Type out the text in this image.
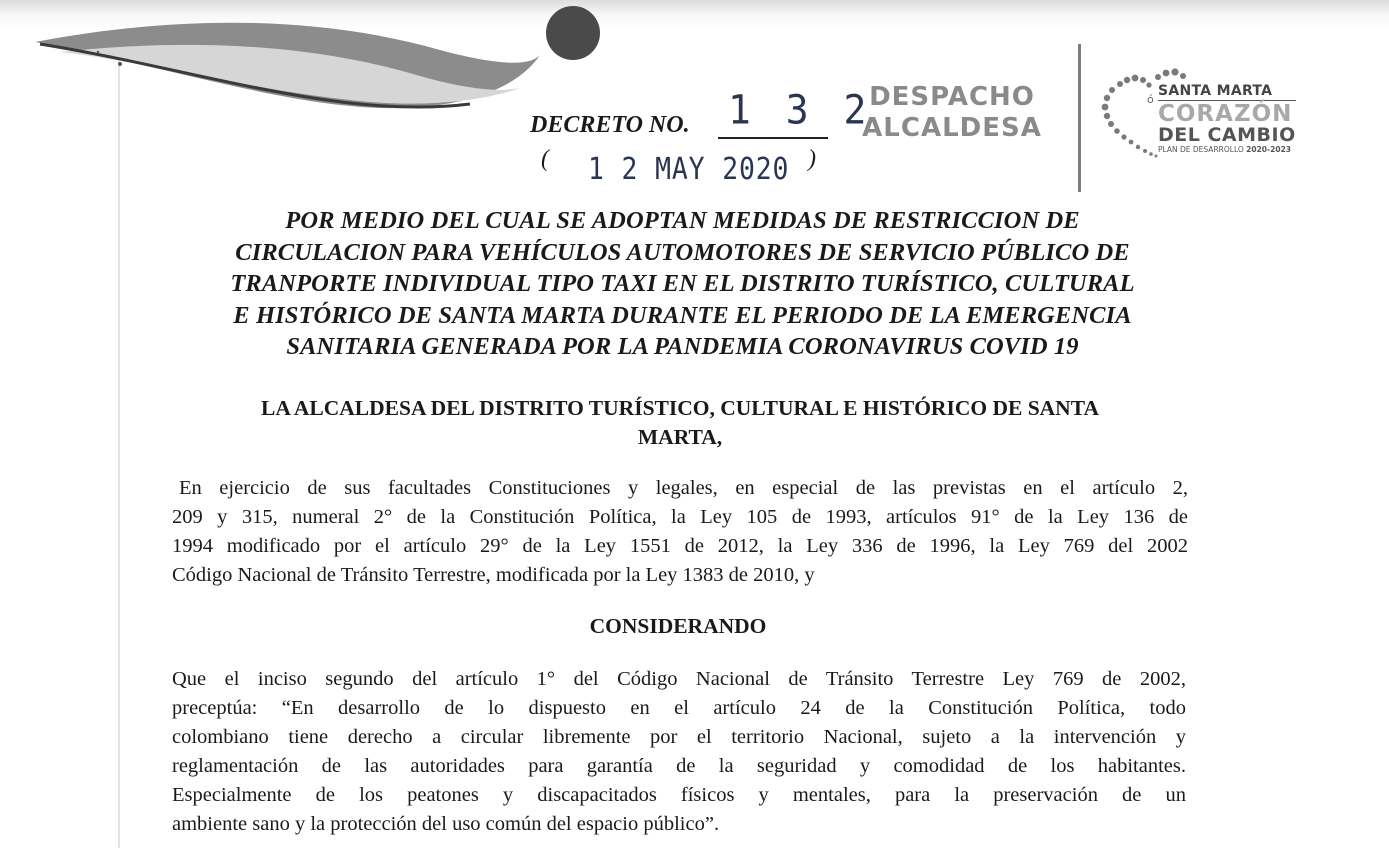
DECRETO NO. 1 3 2
( 1 2 MAY 2020 )
DESPACHO
ALCALDESA
ó
SANTA MARTA
CORAZÓN
DEL CAMBIO
PLAN DE DESARROLLO 2020-2023
POR MEDIO DEL CUAL SE ADOPTAN MEDIDAS DE RESTRICCION DE
CIRCULACION PARA VEHÍCULOS AUTOMOTORES DE SERVICIO PÚBLICO DE
TRANPORTE INDIVIDUAL TIPO TAXI EN EL DISTRITO TURÍSTICO, CULTURAL
E HISTÓRICO DE SANTA MARTA DURANTE EL PERIODO DE LA EMERGENCIA
SANITARIA GENERADA POR LA PANDEMIA CORONAVIRUS COVID 19
LA ALCALDESA DEL DISTRITO TURÍSTICO, CULTURAL E HISTÓRICO DE SANTA
MARTA,
En ejercicio de sus facultades Constituciones y legales, en especial de las previstas en el artículo 2,
209 y 315, numeral 2° de la Constitución Política, la Ley 105 de 1993, artículos 91° de la Ley 136 de
1994 modificado por el artículo 29° de la Ley 1551 de 2012, la Ley 336 de 1996, la Ley 769 del 2002
Código Nacional de Tránsito Terrestre, modificada por la Ley 1383 de 2010, y
CONSIDERANDO
Que el inciso segundo del artículo 1° del Código Nacional de Tránsito Terrestre Ley 769 de 2002,
preceptúa: “En desarrollo de lo dispuesto en el artículo 24 de la Constitución Política, todo
colombiano tiene derecho a circular libremente por el territorio Nacional, sujeto a la intervención y
reglamentación de las autoridades para garantía de la seguridad y comodidad de los habitantes.
Especialmente de los peatones y discapacitados físicos y mentales, para la preservación de un
ambiente sano y la protección del uso común del espacio público”.
